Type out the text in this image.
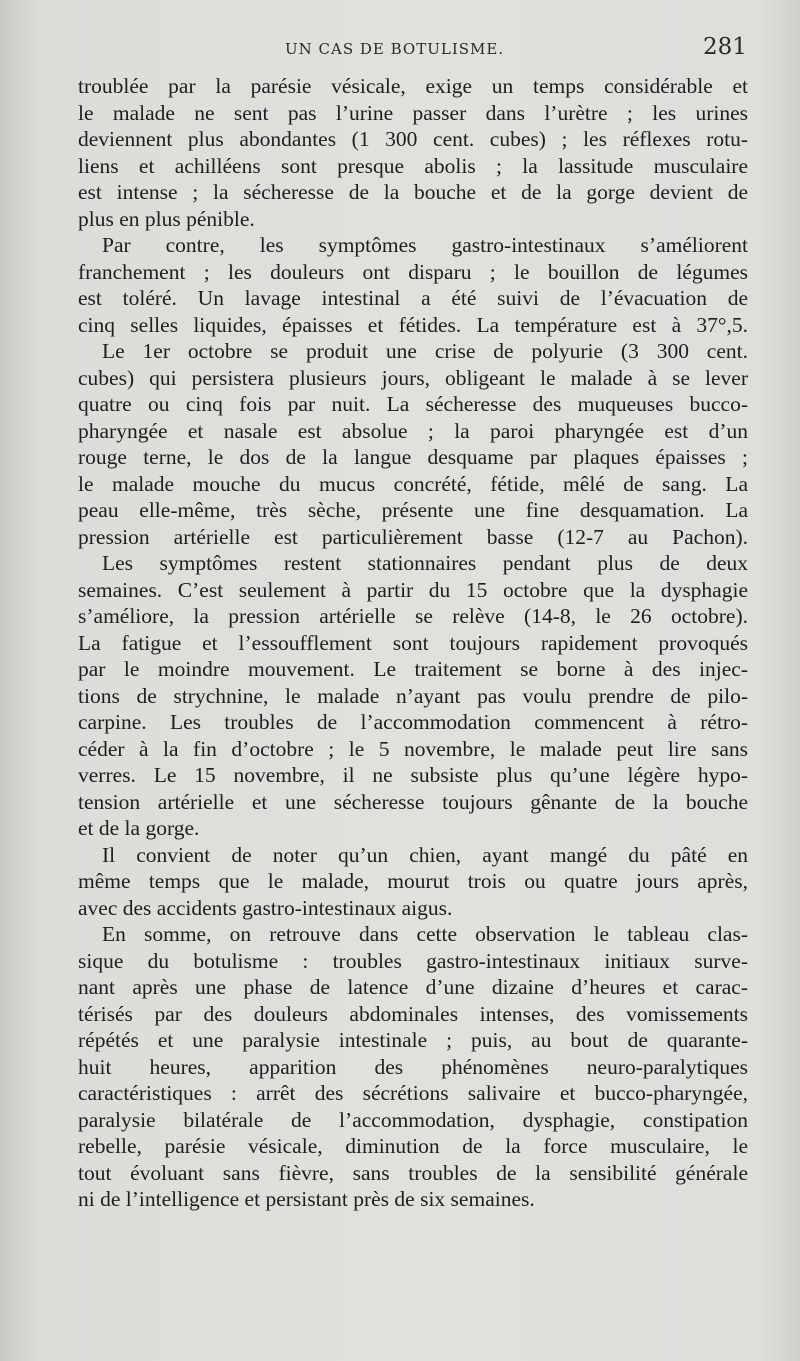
UN CAS DE BOTULISME.	281
troublée par la parésie vésicale, exige un temps considérable et
le malade ne sent pas l’urine passer dans l’urètre ; les urines
deviennent plus abondantes (1 300 cent. cubes) ; les réflexes rotu-
liens et achilléens sont presque abolis ; la lassitude musculaire
est intense ; la sécheresse de la bouche et de la gorge devient de
plus en plus pénible.
Par contre, les symptômes gastro-intestinaux s’améliorent
franchement ; les douleurs ont disparu ; le bouillon de légumes
est toléré. Un lavage intestinal a été suivi de l’évacuation de
cinq selles liquides, épaisses et fétides. La température est à 37°,5.
Le 1er octobre se produit une crise de polyurie (3 300 cent.
cubes) qui persistera plusieurs jours, obligeant le malade à se lever
quatre ou cinq fois par nuit. La sécheresse des muqueuses bucco-
pharyngée et nasale est absolue ; la paroi pharyngée est d’un
rouge terne, le dos de la langue desquame par plaques épaisses ;
le malade mouche du mucus concrété, fétide, mêlé de sang. La
peau elle-même, très sèche, présente une fine desquamation. La
pression artérielle est particulièrement basse (12-7 au Pachon).
Les symptômes restent stationnaires pendant plus de deux
semaines. C’est seulement à partir du 15 octobre que la dysphagie
s’améliore, la pression artérielle se relève (14-8, le 26 octobre).
La fatigue et l’essoufflement sont toujours rapidement provoqués
par le moindre mouvement. Le traitement se borne à des injec-
tions de strychnine, le malade n’ayant pas voulu prendre de pilo-
carpine. Les troubles de l’accommodation commencent à rétro-
céder à la fin d’octobre ; le 5 novembre, le malade peut lire sans
verres. Le 15 novembre, il ne subsiste plus qu’une légère hypo-
tension artérielle et une sécheresse toujours gênante de la bouche
et de la gorge.
Il convient de noter qu’un chien, ayant mangé du pâté en
même temps que le malade, mourut trois ou quatre jours après,
avec des accidents gastro-intestinaux aigus.
En somme, on retrouve dans cette observation le tableau clas-
sique du botulisme : troubles gastro-intestinaux initiaux surve-
nant après une phase de latence d’une dizaine d’heures et carac-
térisés par des douleurs abdominales intenses, des vomissements
répétés et une paralysie intestinale ; puis, au bout de quarante-
huit heures, apparition des phénomènes neuro-paralytiques
caractéristiques : arrêt des sécrétions salivaire et bucco-pharyngée,
paralysie bilatérale de l’accommodation, dysphagie, constipation
rebelle, parésie vésicale, diminution de la force musculaire, le
tout évoluant sans fièvre, sans troubles de la sensibilité générale
ni de l’intelligence et persistant près de six semaines.
